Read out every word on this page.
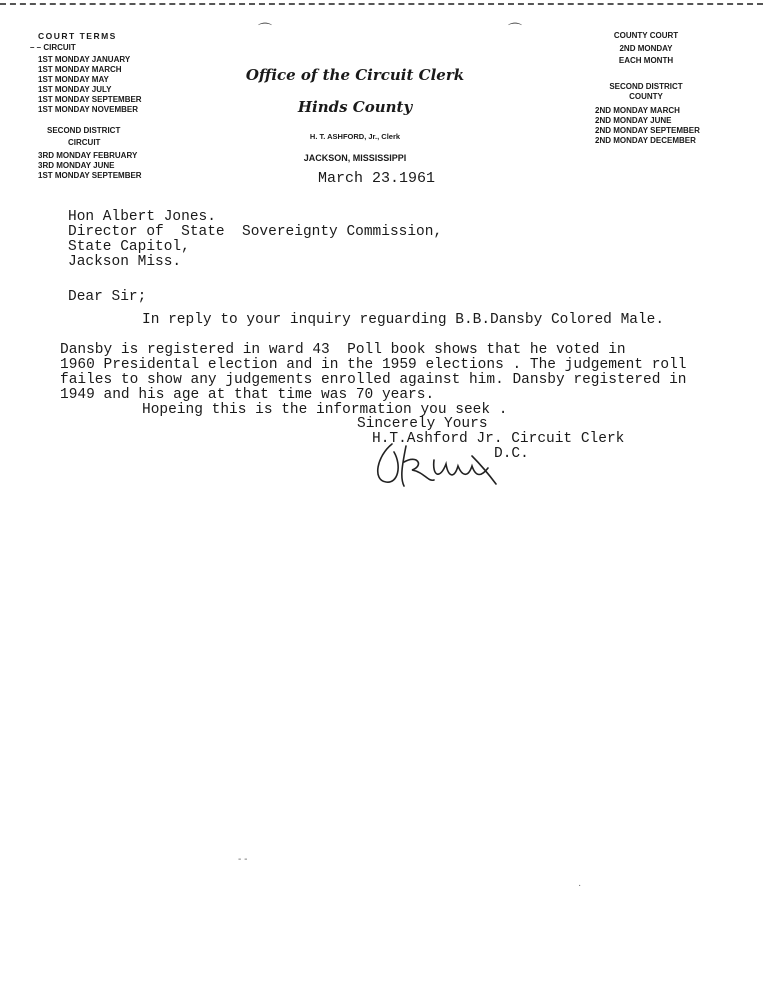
⌒	⌒
COURT TERMS
– – CIRCUIT
1ST MONDAY JANUARY
1ST MONDAY MARCH
1ST MONDAY MAY
1ST MONDAY JULY
1ST MONDAY SEPTEMBER
1ST MONDAY NOVEMBER
SECOND DISTRICT
CIRCUIT
3RD MONDAY FEBRUARY
3RD MONDAY JUNE
1ST MONDAY SEPTEMBER
Office of the Circuit Clerk
Hinds County
H. T. ASHFORD, Jr., Clerk
JACKSON, MISSISSIPPI
March 23.1961
COUNTY COURT
2ND MONDAY
EACH MONTH
SECOND DISTRICT
COUNTY
2ND MONDAY MARCH
2ND MONDAY JUNE
2ND MONDAY SEPTEMBER
2ND MONDAY DECEMBER
Hon Albert Jones.
Director of  State  Sovereignty Commission,
State Capitol,
Jackson Miss.
Dear Sir;
In reply to your inquiry reguarding B.B.Dansby Colored Male.
Dansby is registered in ward 43  Poll book shows that he voted in
1960 Presidental election and in the 1959 elections . The judgement roll
failes to show any judgements enrolled against him. Dansby registered in
1949 and his age at that time was 70 years.
Hopeing this is the information you seek .
Sincerely Yours
H.T.Ashford Jr. Circuit Clerk
D.C.
- -
·
